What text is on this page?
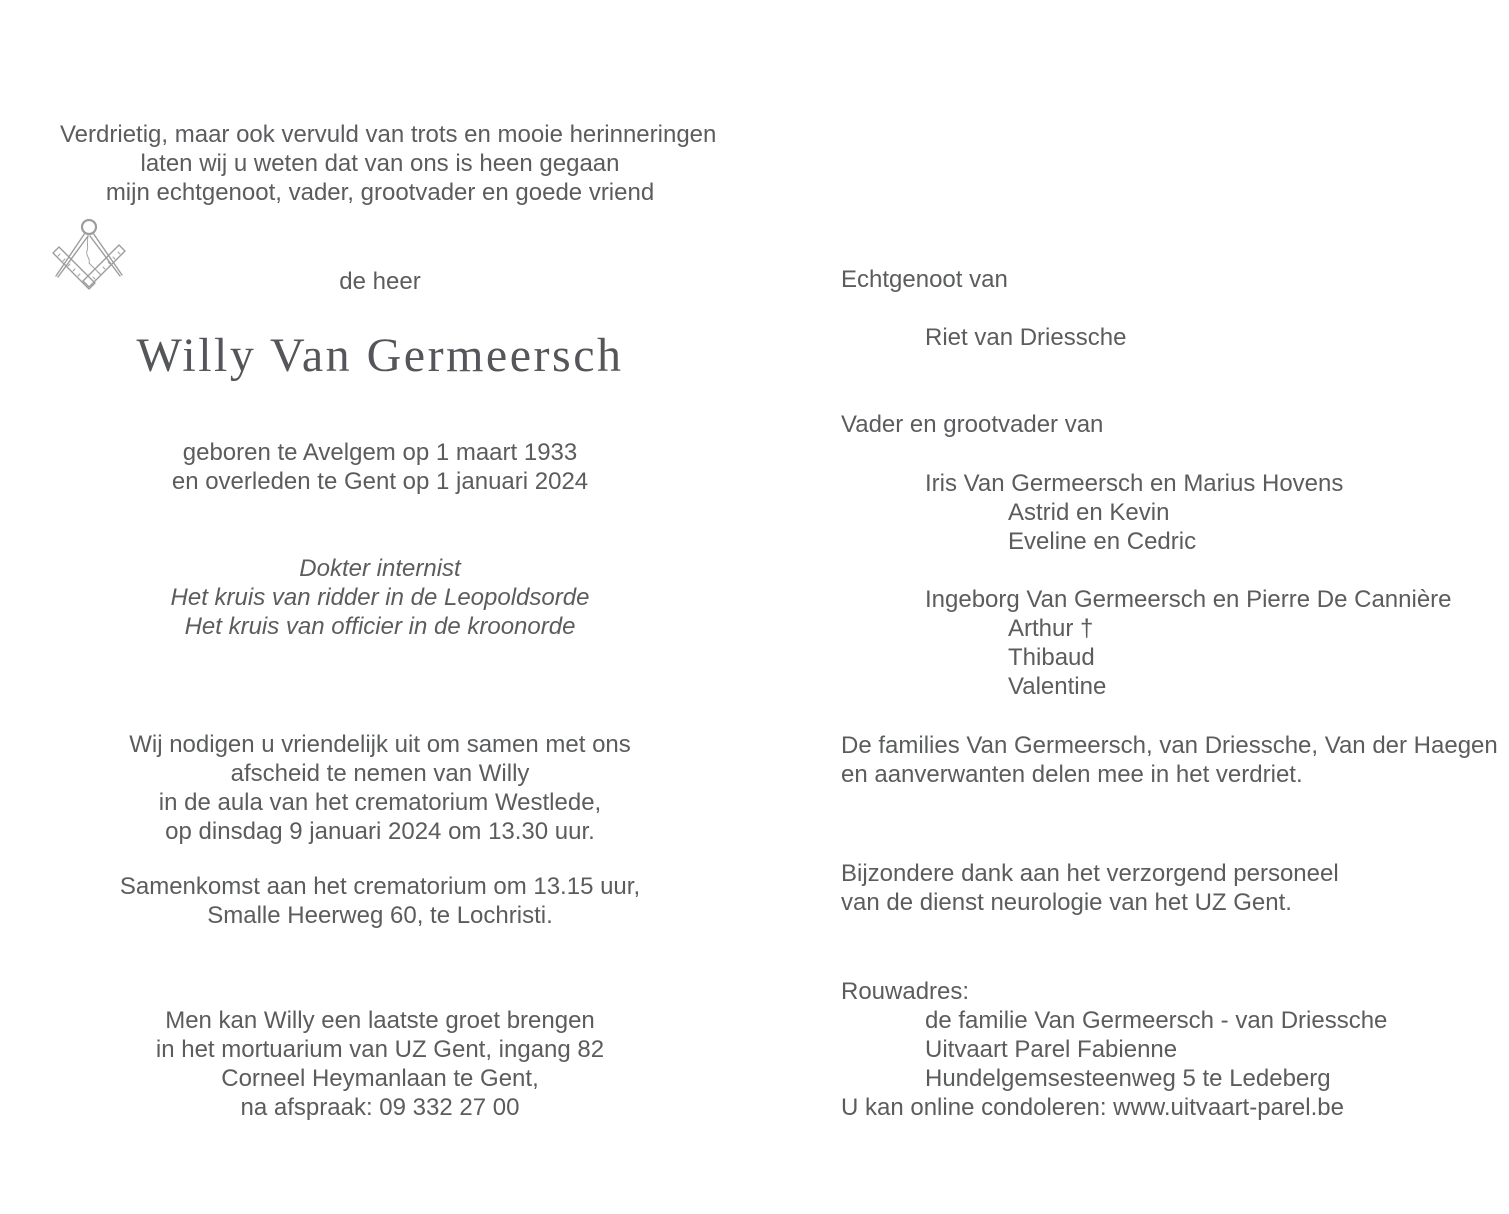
Verdrietig, maar ook vervuld van trots en mooie herinneringen
laten wij u weten dat van ons is heen gegaan
mijn echtgenoot, vader, grootvader en goede vriend
de heer
Willy Van Germeersch
geboren te Avelgem op 1 maart 1933
en overleden te Gent op 1 januari 2024
Dokter internist
Het kruis van ridder in de Leopoldsorde
Het kruis van officier in de kroonorde
Wij nodigen u vriendelijk uit om samen met ons
afscheid te nemen van Willy
in de aula van het crematorium Westlede,
op dinsdag 9 januari 2024 om 13.30 uur.
Samenkomst aan het crematorium om 13.15 uur,
Smalle Heerweg 60, te Lochristi.
Men kan Willy een laatste groet brengen
in het mortuarium van UZ Gent, ingang 82
Corneel Heymanlaan te Gent,
na afspraak: 09 332 27 00
Echtgenoot van
Riet van Driessche
Vader en grootvader van
Iris Van Germeersch en Marius Hovens
Astrid en Kevin
Eveline en Cedric
Ingeborg Van Germeersch en Pierre De Cannière
Arthur †
Thibaud
Valentine
De families Van Germeersch, van Driessche, Van der Haegen
en aanverwanten delen mee in het verdriet.
Bijzondere dank aan het verzorgend personeel
van de dienst neurologie van het UZ Gent.
Rouwadres:
de familie Van Germeersch - van Driessche
Uitvaart Parel Fabienne
Hundelgemsesteenweg 5 te Ledeberg
U kan online condoleren: www.uitvaart-parel.be
